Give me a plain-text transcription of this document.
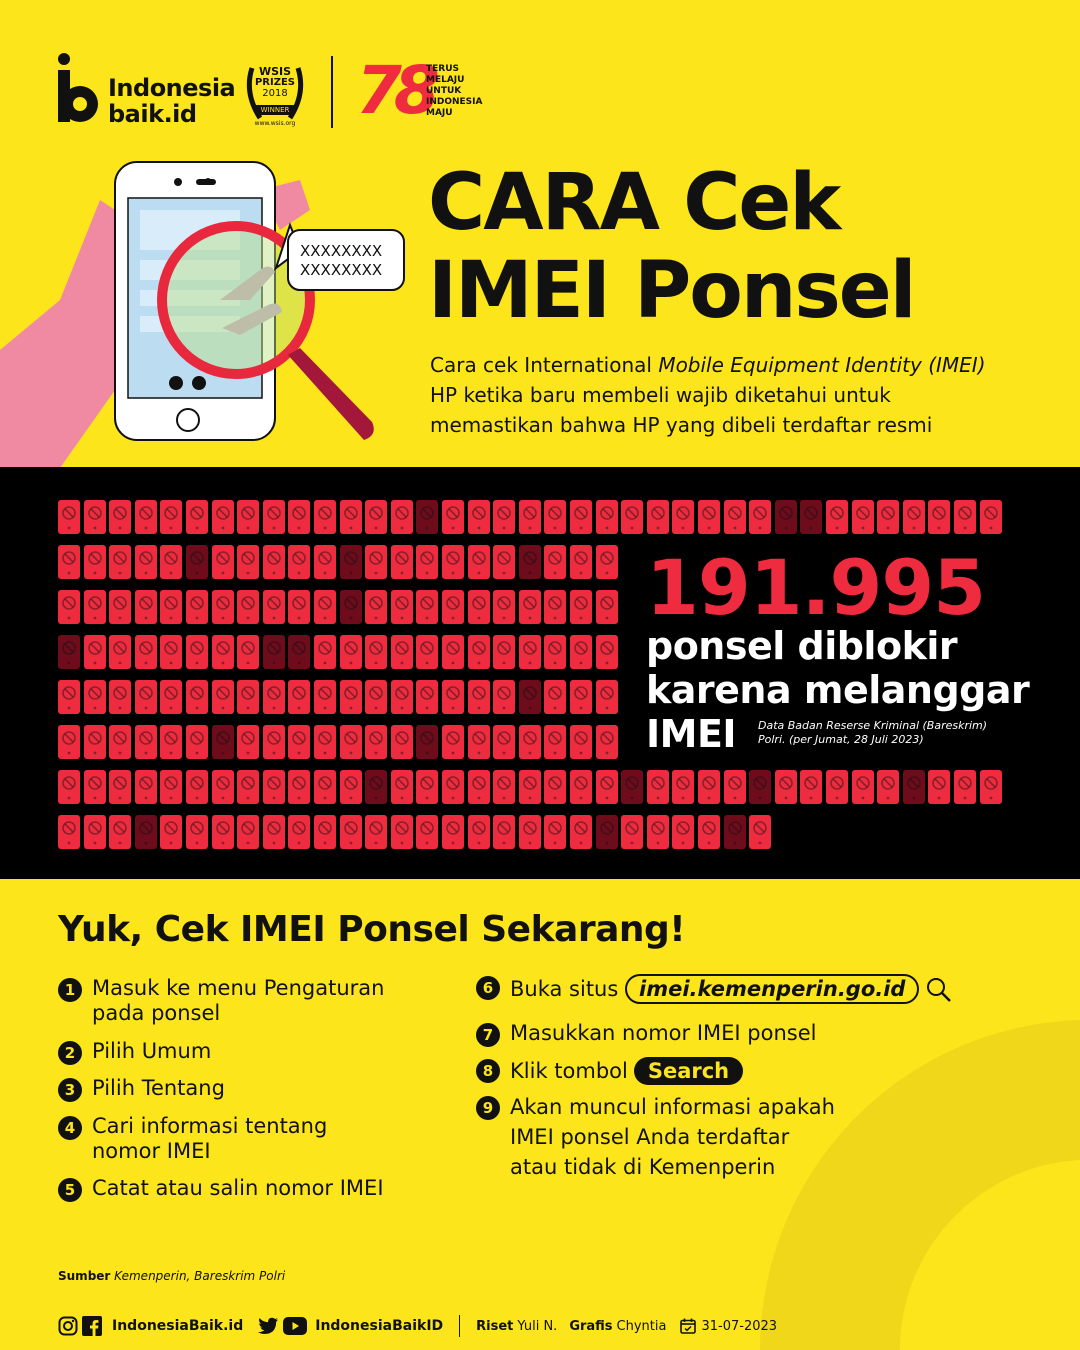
Indonesia
baik.id
WSIS
PRIZES
2018
WINNER
www.wsis.org 78
TERUS
MELAJU
UNTUK
INDONESIA
MAJU
XXXXXXXX
XXXXXXXX
CARA Cek
IMEI Ponsel
Cara cek International Mobile Equipment Identity (IMEI)
HP ketika baru membeli wajib diketahui untuk
memastikan bahwa HP yang dibeli terdaftar resmi
191.995
ponsel diblokir
karena melanggar
IMEI Data Badan Reserse Kriminal (Bareskrim)
Polri. (per Jumat, 28 Juli 2023)
Yuk, Cek IMEI Ponsel Sekarang!
1 Masuk ke menu Pengaturan
pada ponsel
2 Pilih Umum
3 Pilih Tentang
4 Cari informasi tentang
nomor IMEI
5 Catat atau salin nomor IMEI
6 Buka situs imei.kemenperin.go.id
7 Masukkan nomor IMEI ponsel
8 Klik tombol Search
9 Akan muncul informasi apakah
IMEI ponsel Anda terdaftar
atau tidak di Kemenperin
Sumber Kemenperin, Bareskrim Polri
IndonesiaBaik.id	IndonesiaBaikID	Riset Yuli N. Grafis Chyntia	31-07-2023
